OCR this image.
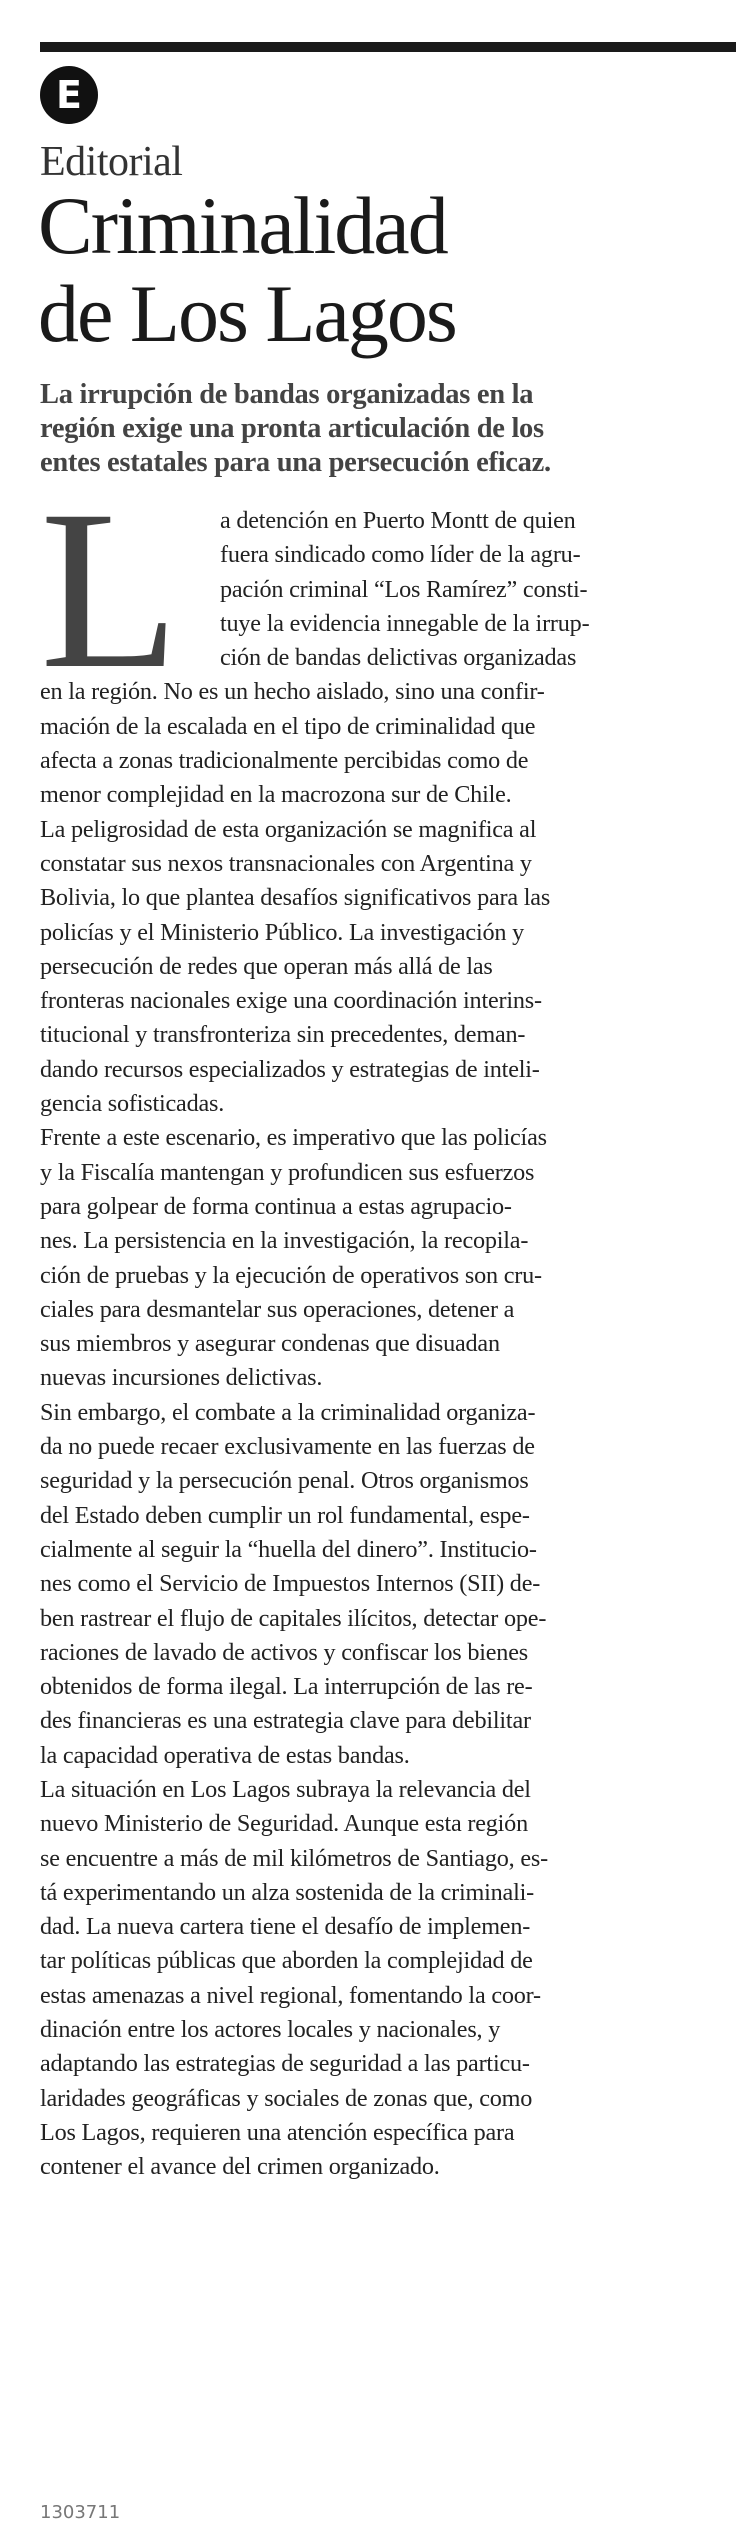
E
Editorial
Criminalidad
de Los Lagos
La irrupción de bandas organizadas en la
región exige una pronta articulación de los
entes estatales para una persecución eficaz.
L	a detención en Puerto Montt de quien
fuera sindicado como líder de la agru-
pación criminal “Los Ramírez” consti-
tuye la evidencia innegable de la irrup-
ción de bandas delictivas organizadas
en la región. No es un hecho aislado, sino una confir-
mación de la escalada en el tipo de criminalidad que
afecta a zonas tradicionalmente percibidas como de
menor complejidad en la macrozona sur de Chile.
La peligrosidad de esta organización se magnifica al
constatar sus nexos transnacionales con Argentina y
Bolivia, lo que plantea desafíos significativos para las
policías y el Ministerio Público. La investigación y
persecución de redes que operan más allá de las
fronteras nacionales exige una coordinación interins-
titucional y transfronteriza sin precedentes, deman-
dando recursos especializados y estrategias de inteli-
gencia sofisticadas.
Frente a este escenario, es imperativo que las policías
y la Fiscalía mantengan y profundicen sus esfuerzos
para golpear de forma continua a estas agrupacio-
nes. La persistencia en la investigación, la recopila-
ción de pruebas y la ejecución de operativos son cru-
ciales para desmantelar sus operaciones, detener a
sus miembros y asegurar condenas que disuadan
nuevas incursiones delictivas.
Sin embargo, el combate a la criminalidad organiza-
da no puede recaer exclusivamente en las fuerzas de
seguridad y la persecución penal. Otros organismos
del Estado deben cumplir un rol fundamental, espe-
cialmente al seguir la “huella del dinero”. Institucio-
nes como el Servicio de Impuestos Internos (SII) de-
ben rastrear el flujo de capitales ilícitos, detectar ope-
raciones de lavado de activos y confiscar los bienes
obtenidos de forma ilegal. La interrupción de las re-
des financieras es una estrategia clave para debilitar
la capacidad operativa de estas bandas.
La situación en Los Lagos subraya la relevancia del
nuevo Ministerio de Seguridad. Aunque esta región
se encuentre a más de mil kilómetros de Santiago, es-
tá experimentando un alza sostenida de la criminali-
dad. La nueva cartera tiene el desafío de implemen-
tar políticas públicas que aborden la complejidad de
estas amenazas a nivel regional, fomentando la coor-
dinación entre los actores locales y nacionales, y
adaptando las estrategias de seguridad a las particu-
laridades geográficas y sociales de zonas que, como
Los Lagos, requieren una atención específica para
contener el avance del crimen organizado.
1303711
